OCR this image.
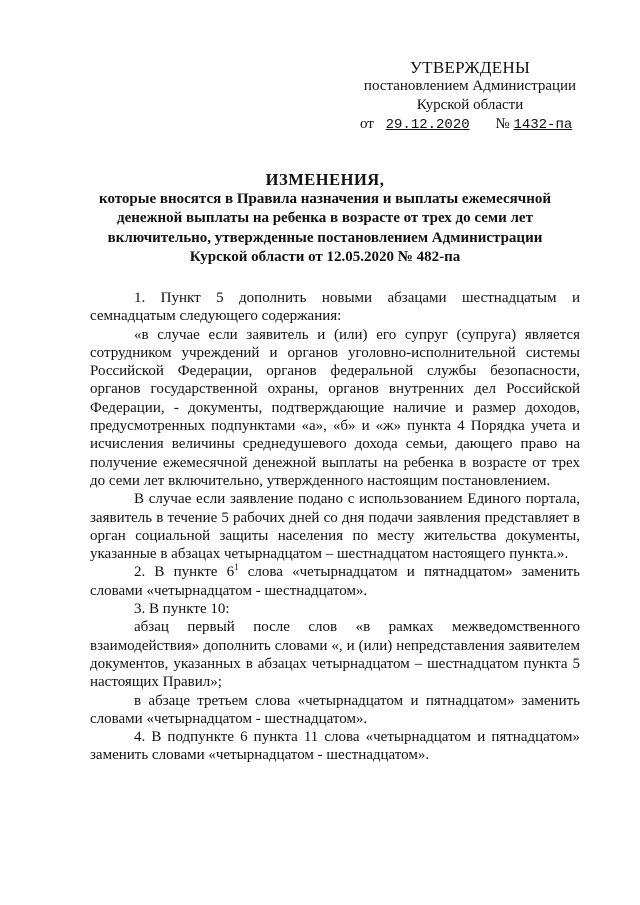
УТВЕРЖДЕНЫ
постановлением Администрации
Курской области
от 29.12.2020 № 1432-па
ИЗМЕНЕНИЯ,
которые вносятся в Правила назначения и выплаты ежемесячной денежной выплаты на ребенка в возрасте от трех до семи лет включительно, утвержденные постановлением Администрации Курской области от 12.05.2020 № 482-па

1. Пункт 5 дополнить новыми абзацами шестнадцатым и семнадцатым следующего содержания:

«в случае если заявитель и (или) его супруг (супруга) является сотрудником учреждений и органов уголовно-исполнительной системы Российской Федерации, органов федеральной службы безопасности, органов государственной охраны, органов внутренних дел Российской Федерации, - документы, подтверждающие наличие и размер доходов, предусмотренных подпунктами «а», «б» и «ж» пункта 4 Порядка учета и исчисления величины среднедушевого дохода семьи, дающего право на получение ежемесячной денежной выплаты на ребенка в возрасте от трех до семи лет включительно, утвержденного настоящим постановлением.

В случае если заявление подано с использованием Единого портала, заявитель в течение 5 рабочих дней со дня подачи заявления представляет в орган социальной защиты населения по месту жительства документы, указанные в абзацах четырнадцатом – шестнадцатом настоящего пункта.».

2. В пункте $6^1$ слова «четырнадцатом и пятнадцатом» заменить словами «четырнадцатом - шестнадцатом».

3. В пункте 10:

абзац первый после слов «в рамках межведомственного взаимодействия» дополнить словами «, и (или) непредставления заявителем документов, указанных в абзацах четырнадцатом – шестнадцатом пункта 5 настоящих Правил»;

в абзаце третьем слова «четырнадцатом и пятнадцатом» заменить словами «четырнадцатом - шестнадцатом».

4. В подпункте 6 пункта 11 слова «четырнадцатом и пятнадцатом» заменить словами «четырнадцатом - шестнадцатом».
